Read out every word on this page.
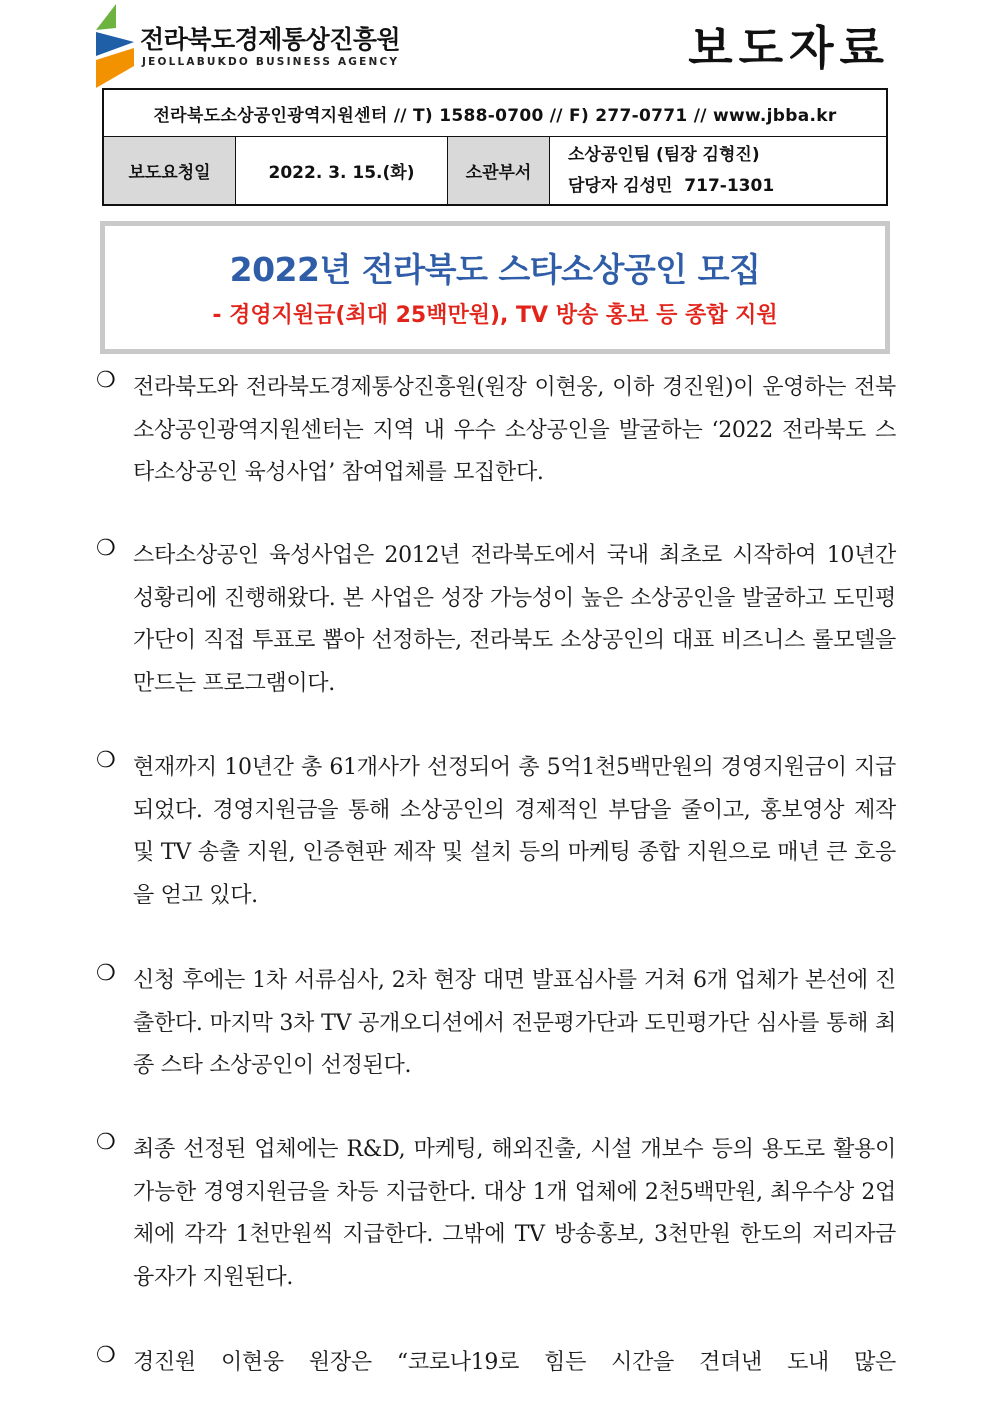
전라북도경제통상진흥원
JEOLLABUKDO BUSINESS AGENCY	보도자료
전라북도소상공인광역지원센터 // T) 1588-0700 // F) 277-0771 // www.jbba.kr
보도요청일	2022. 3. 15.(화)	소관부서
소상공인팀 (팀장 김형진)
담당자 김성민  717-1301
2022년 전라북도 스타소상공인 모집
- 경영지원금(최대 25백만원), TV 방송 홍보 등 종합 지원
❍ 전라북도와 전라북도경제통상진흥원(원장 이현웅, 이하 경진원)이 운영하는 전북소상공인광역지원센터는 지역 내 우수 소상공인을 발굴하는 ‘2022 전라북도 스타소상공인 육성사업’ 참여업체를 모집한다.
❍ 스타소상공인 육성사업은 2012년 전라북도에서 국내 최초로 시작하여 10년간 성황리에 진행해왔다. 본 사업은 성장 가능성이 높은 소상공인을 발굴하고 도민평가단이 직접 투표로 뽑아 선정하는, 전라북도 소상공인의 대표 비즈니스 롤모델을 만드는 프로그램이다.
❍ 현재까지 10년간 총 61개사가 선정되어 총 5억1천5백만원의 경영지원금이 지급되었다. 경영지원금을 통해 소상공인의 경제적인 부담을 줄이고, 홍보영상 제작 및 TV 송출 지원, 인증현판 제작 및 설치 등의 마케팅 종합 지원으로 매년 큰 호응을 얻고 있다.
❍ 신청 후에는 1차 서류심사, 2차 현장 대면 발표심사를 거쳐 6개 업체가 본선에 진출한다. 마지막 3차 TV 공개오디션에서 전문평가단과 도민평가단 심사를 통해 최종 스타 소상공인이 선정된다.
❍ 최종 선정된 업체에는 R&D, 마케팅, 해외진출, 시설 개보수 등의 용도로 활용이 가능한 경영지원금을 차등 지급한다. 대상 1개 업체에 2천5백만원, 최우수상 2업체에 각각 1천만원씩 지급한다. 그밖에 TV 방송홍보, 3천만원 한도의 저리자금 융자가 지원된다.
❍ 경진원 이현웅 원장은 “코로나19로 힘든 시간을 견뎌낸 도내 많은
